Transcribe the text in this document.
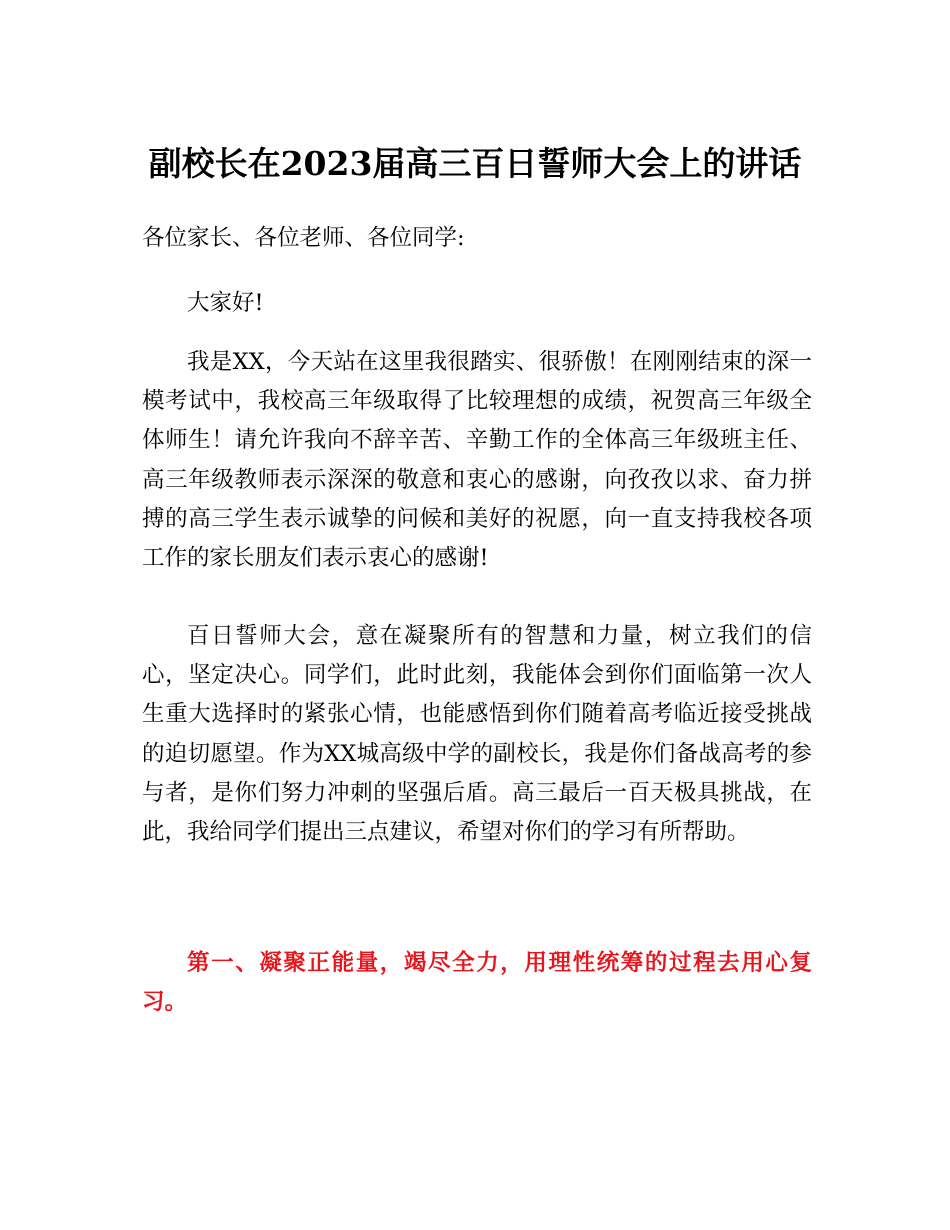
副校长在2023届高三百日誓师大会上的讲话

各位家长、各位老师、各位同学:

大家好!

我是XX，今天站在这里我很踏实、很骄傲！在刚刚结束的深一模考试中，我校高三年级取得了比较理想的成绩，祝贺高三年级全体师生！请允许我向不辞辛苦、辛勤工作的全体高三年级班主任、高三年级教师表示深深的敬意和衷心的感谢，向孜孜以求、奋力拼搏的高三学生表示诚挚的问候和美好的祝愿，向一直支持我校各项工作的家长朋友们表示衷心的感谢!

百日誓师大会，意在凝聚所有的智慧和力量，树立我们的信心，坚定决心。同学们，此时此刻，我能体会到你们面临第一次人生重大选择时的紧张心情，也能感悟到你们随着高考临近接受挑战的迫切愿望。作为XX城高级中学的副校长，我是你们备战高考的参与者，是你们努力冲刺的坚强后盾。高三最后一百天极具挑战，在此，我给同学们提出三点建议，希望对你们的学习有所帮助。

第一、凝聚正能量，竭尽全力，用理性统筹的过程去用心复习。
